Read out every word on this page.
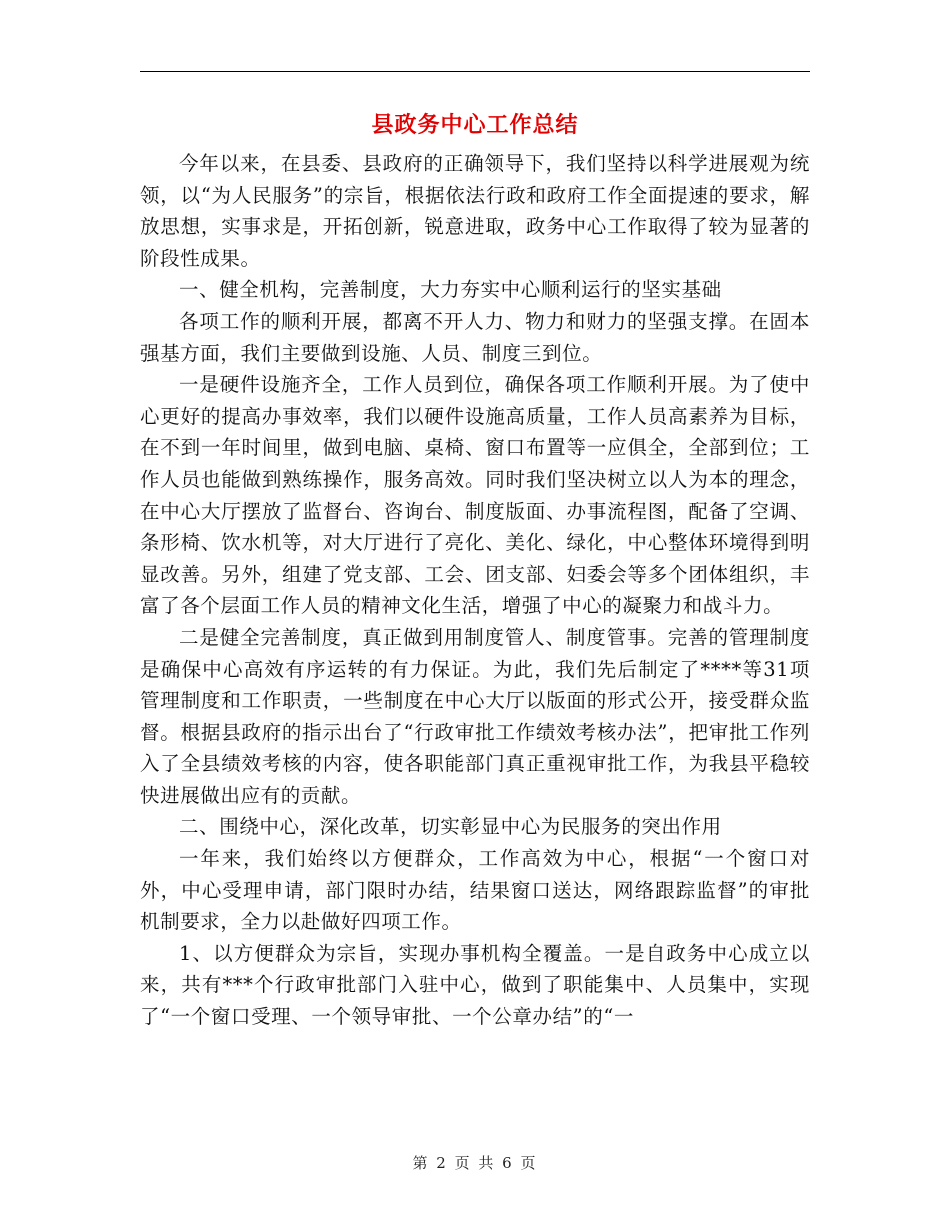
县政务中心工作总结

今年以来，在县委、县政府的正确领导下，我们坚持以科学进展观为统领，以“为人民服务”的宗旨，根据依法行政和政府工作全面提速的要求，解放思想，实事求是，开拓创新，锐意进取，政务中心工作取得了较为显著的阶段性成果。

一、健全机构，完善制度，大力夯实中心顺利运行的坚实基础

各项工作的顺利开展，都离不开人力、物力和财力的坚强支撑。在固本强基方面，我们主要做到设施、人员、制度三到位。

一是硬件设施齐全，工作人员到位，确保各项工作顺利开展。为了使中心更好的提高办事效率，我们以硬件设施高质量，工作人员高素养为目标，在不到一年时间里，做到电脑、桌椅、窗口布置等一应俱全，全部到位；工作人员也能做到熟练操作，服务高效。同时我们坚决树立以人为本的理念，在中心大厅摆放了监督台、咨询台、制度版面、办事流程图，配备了空调、条形椅、饮水机等，对大厅进行了亮化、美化、绿化，中心整体环境得到明显改善。另外，组建了党支部、工会、团支部、妇委会等多个团体组织，丰富了各个层面工作人员的精神文化生活，增强了中心的凝聚力和战斗力。

二是健全完善制度，真正做到用制度管人、制度管事。完善的管理制度是确保中心高效有序运转的有力保证。为此，我们先后制定了****等31项管理制度和工作职责，一些制度在中心大厅以版面的形式公开，接受群众监督。根据县政府的指示出台了“行政审批工作绩效考核办法”，把审批工作列入了全县绩效考核的内容，使各职能部门真正重视审批工作，为我县平稳较快进展做出应有的贡献。

二、围绕中心，深化改革，切实彰显中心为民服务的突出作用

一年来，我们始终以方便群众，工作高效为中心，根据“一个窗口对外，中心受理申请，部门限时办结，结果窗口送达，网络跟踪监督”的审批机制要求，全力以赴做好四项工作。

1、以方便群众为宗旨，实现办事机构全覆盖。一是自政务中心成立以来，共有***个行政审批部门入驻中心，做到了职能集中、人员集中，实现了“一个窗口受理、一个领导审批、一个公章办结”的“一

第 2 页 共 6 页
